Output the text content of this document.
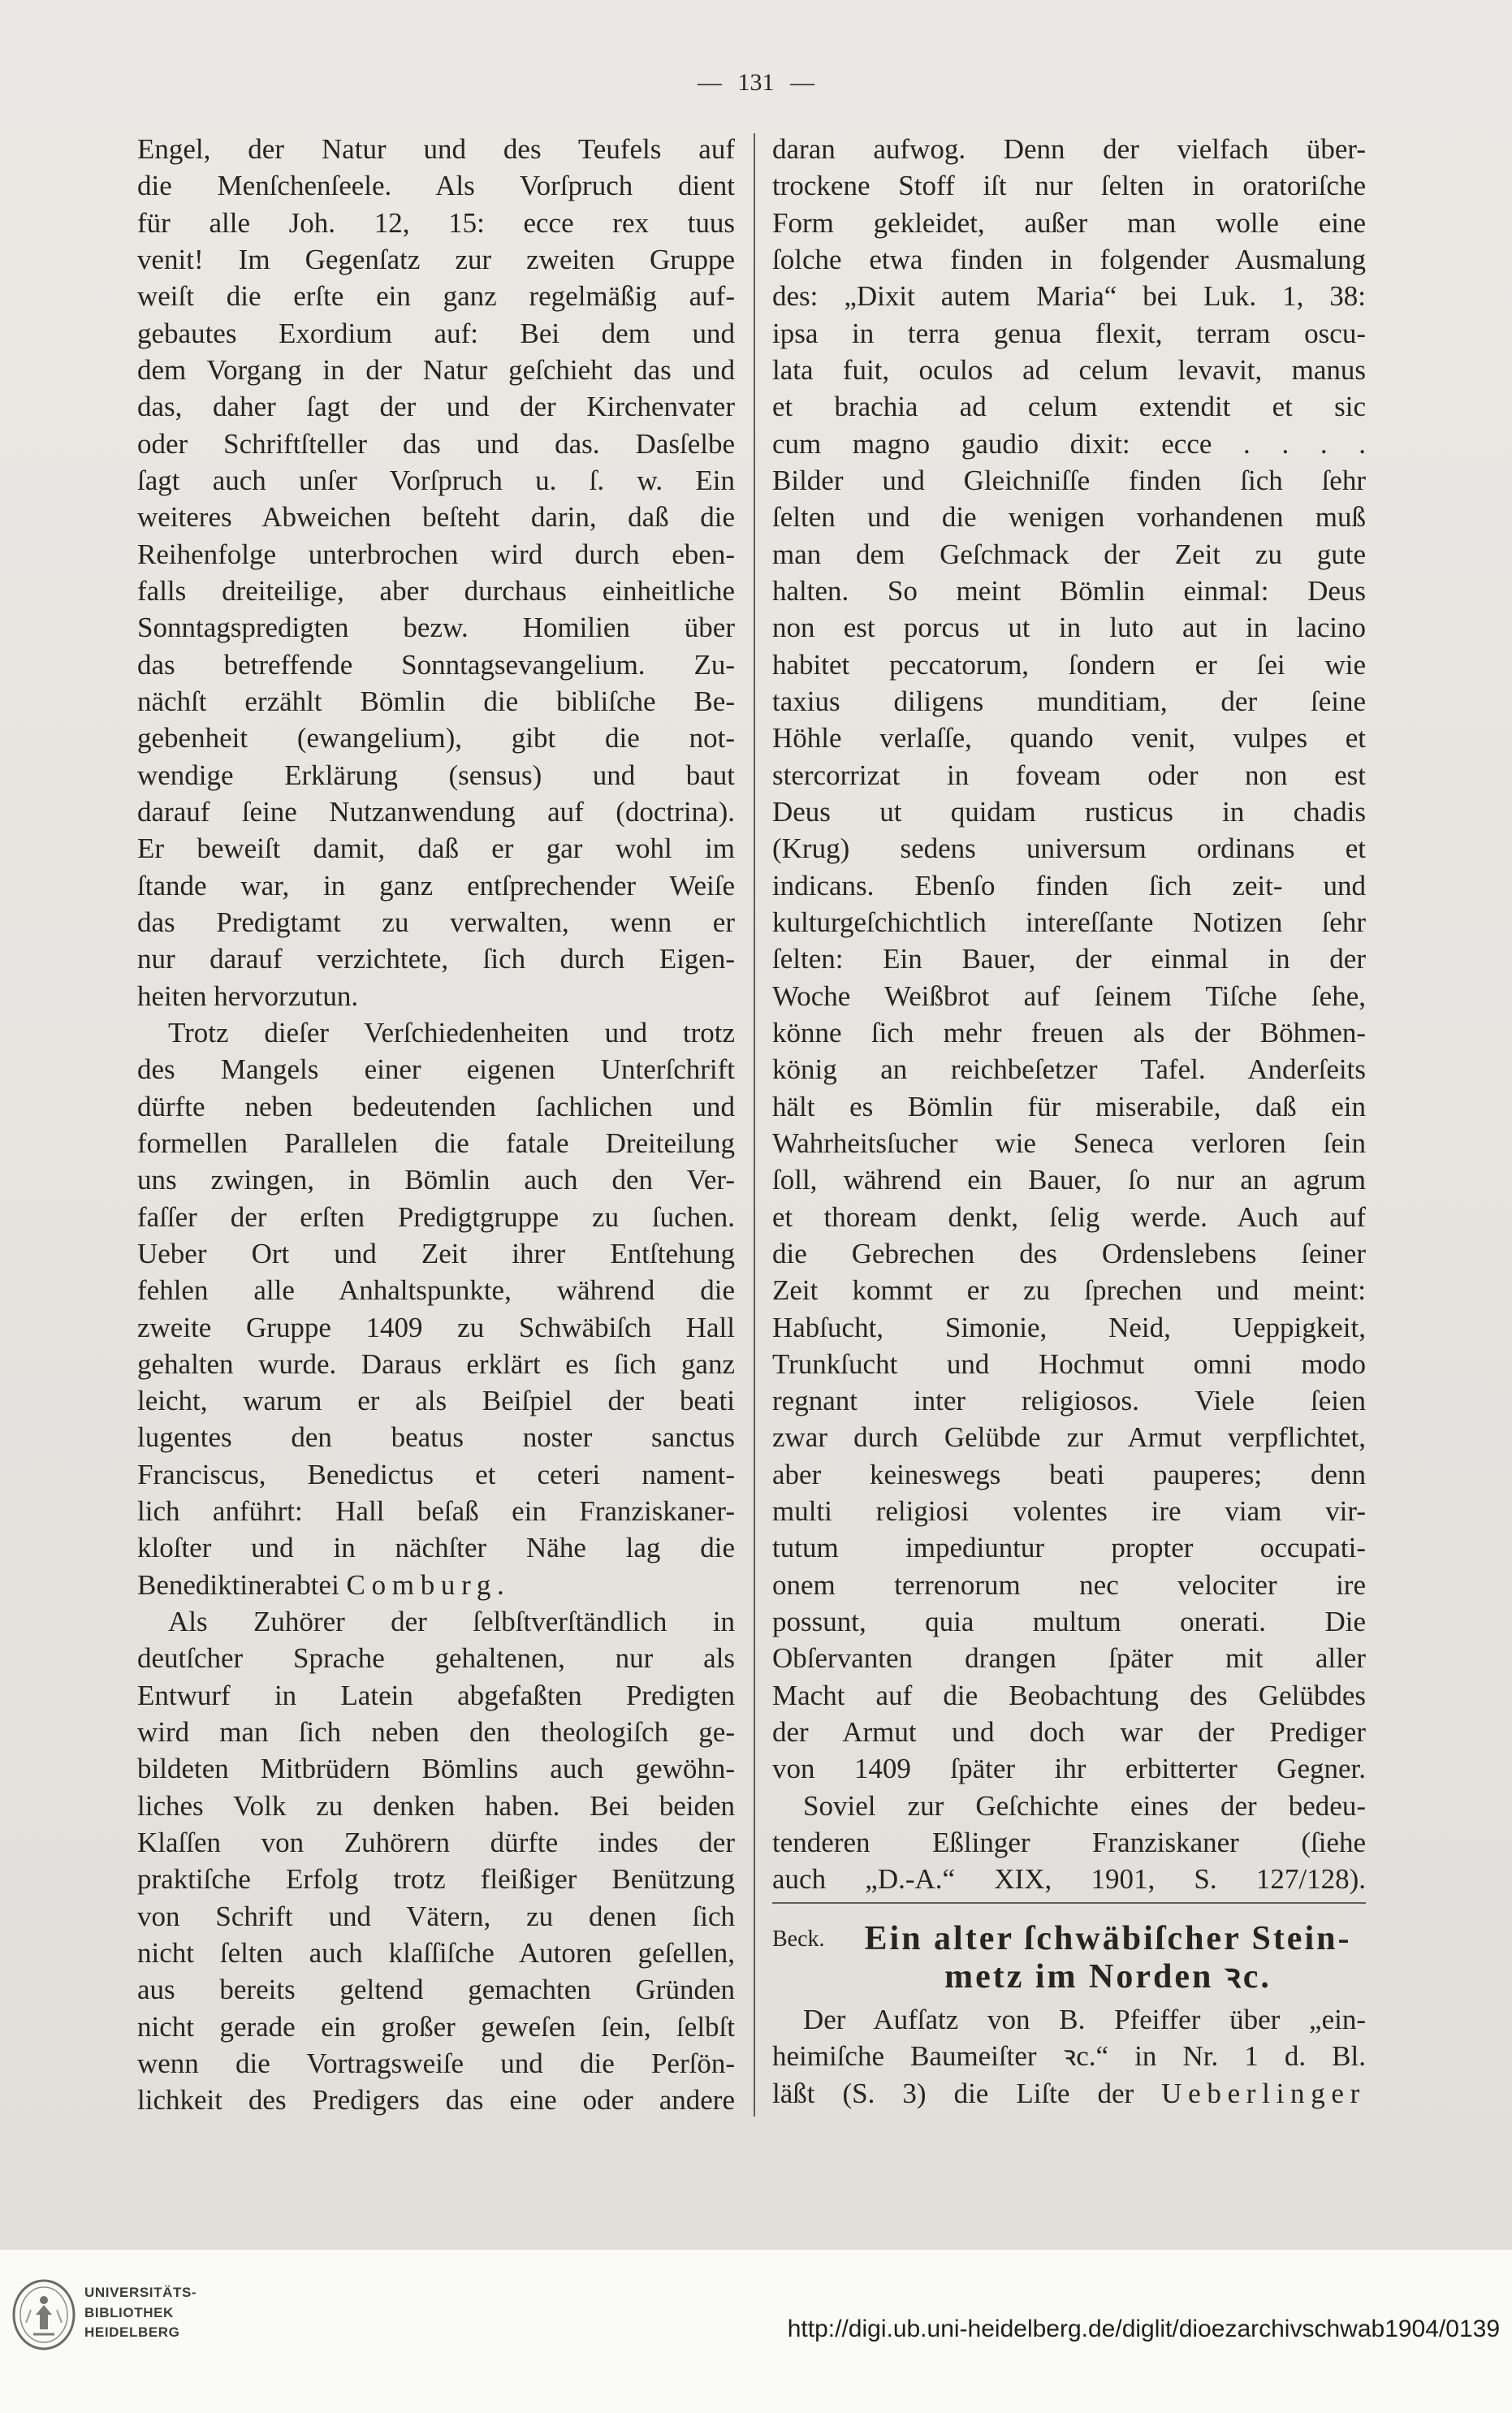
— 131 —
Engel, der Natur und des Teufels auf
die Menſchenſeele. Als Vorſpruch dient
für alle Joh. 12, 15: ecce rex tuus
venit! Im Gegenſatz zur zweiten Gruppe
weiſt die erſte ein ganz regelmäßig auf-
gebautes Exordium auf: Bei dem und
dem Vorgang in der Natur geſchieht das und
das, daher ſagt der und der Kirchenvater
oder Schriftſteller das und das. Dasſelbe
ſagt auch unſer Vorſpruch u. ſ. w. Ein
weiteres Abweichen beſteht darin, daß die
Reihenfolge unterbrochen wird durch eben-
falls dreiteilige, aber durchaus einheitliche
Sonntagspredigten bezw. Homilien über
das betreffende Sonntagsevangelium. Zu-
nächſt erzählt Bömlin die bibliſche Be-
gebenheit (ewangelium), gibt die not-
wendige Erklärung (sensus) und baut
darauf ſeine Nutzanwendung auf (doctrina).
Er beweiſt damit, daß er gar wohl im
ſtande war, in ganz entſprechender Weiſe
das Predigtamt zu verwalten, wenn er
nur darauf verzichtete, ſich durch Eigen-
heiten hervorzutun.
Trotz dieſer Verſchiedenheiten und trotz
des Mangels einer eigenen Unterſchrift
dürfte neben bedeutenden ſachlichen und
formellen Parallelen die fatale Dreiteilung
uns zwingen, in Bömlin auch den Ver-
faſſer der erſten Predigtgruppe zu ſuchen.
Ueber Ort und Zeit ihrer Entſtehung
fehlen alle Anhaltspunkte, während die
zweite Gruppe 1409 zu Schwäbiſch Hall
gehalten wurde. Daraus erklärt es ſich ganz
leicht, warum er als Beiſpiel der beati
lugentes den beatus noster sanctus
Franciscus, Benedictus et ceteri nament-
lich anführt: Hall beſaß ein Franziskaner-
kloſter und in nächſter Nähe lag die
Benediktinerabtei Comburg.
Als Zuhörer der ſelbſtverſtändlich in
deutſcher Sprache gehaltenen, nur als
Entwurf in Latein abgefaßten Predigten
wird man ſich neben den theologiſch ge-
bildeten Mitbrüdern Bömlins auch gewöhn-
liches Volk zu denken haben. Bei beiden
Klaſſen von Zuhörern dürfte indes der
praktiſche Erfolg trotz fleißiger Benützung
von Schrift und Vätern, zu denen ſich
nicht ſelten auch klaſſiſche Autoren geſellen,
aus bereits geltend gemachten Gründen
nicht gerade ein großer geweſen ſein, ſelbſt
wenn die Vortragsweiſe und die Perſön-
lichkeit des Predigers das eine oder andere
daran aufwog. Denn der vielfach über-
trockene Stoff iſt nur ſelten in oratoriſche
Form gekleidet, außer man wolle eine
ſolche etwa finden in folgender Ausmalung
des: „Dixit autem Maria“ bei Luk. 1, 38:
ipsa in terra genua flexit, terram oscu-
lata fuit, oculos ad celum levavit, manus
et brachia ad celum extendit et sic
cum magno gaudio dixit: ecce . . . .
Bilder und Gleichniſſe finden ſich ſehr
ſelten und die wenigen vorhandenen muß
man dem Geſchmack der Zeit zu gute
halten. So meint Bömlin einmal: Deus
non est porcus ut in luto aut in lacino
habitet peccatorum, ſondern er ſei wie
taxius diligens munditiam, der ſeine
Höhle verlaſſe, quando venit, vulpes et
stercorrizat in foveam oder non est
Deus ut quidam rusticus in chadis
(Krug) sedens universum ordinans et
indicans. Ebenſo finden ſich zeit- und
kulturgeſchichtlich intereſſante Notizen ſehr
ſelten: Ein Bauer, der einmal in der
Woche Weißbrot auf ſeinem Tiſche ſehe,
könne ſich mehr freuen als der Böhmen-
könig an reichbeſetzer Tafel. Anderſeits
hält es Bömlin für miserabile, daß ein
Wahrheitsſucher wie Seneca verloren ſein
ſoll, während ein Bauer, ſo nur an agrum
et thoream denkt, ſelig werde. Auch auf
die Gebrechen des Ordenslebens ſeiner
Zeit kommt er zu ſprechen und meint:
Habſucht, Simonie, Neid, Ueppigkeit,
Trunkſucht und Hochmut omni modo
regnant inter religiosos. Viele ſeien
zwar durch Gelübde zur Armut verpflichtet,
aber keineswegs beati pauperes; denn
multi religiosi volentes ire viam vir-
tutum impediuntur propter occupati-
onem terrenorum nec velociter ire
possunt, quia multum onerati. Die
Obſervanten drangen ſpäter mit aller
Macht auf die Beobachtung des Gelübdes
der Armut und doch war der Prediger
von 1409 ſpäter ihr erbitterter Gegner.
Soviel zur Geſchichte eines der bedeu-
tenderen Eßlinger Franziskaner (ſiehe
auch „D.-A.“ XIX, 1901, S. 127/128).
Beck.	Ein alter ſchwäbiſcher Stein-
metz im Norden ꝛc.
Der Aufſatz von B. Pfeiffer über „ein-
heimiſche Baumeiſter ꝛc.“ in Nr. 1 d. Bl.
läßt (S. 3) die Liſte der Ueberlinger
UNIVERSITÄTS-
BIBLIOTHEK
HEIDELBERG	http://digi.ub.uni-heidelberg.de/diglit/dioezarchivschwab1904/0139
